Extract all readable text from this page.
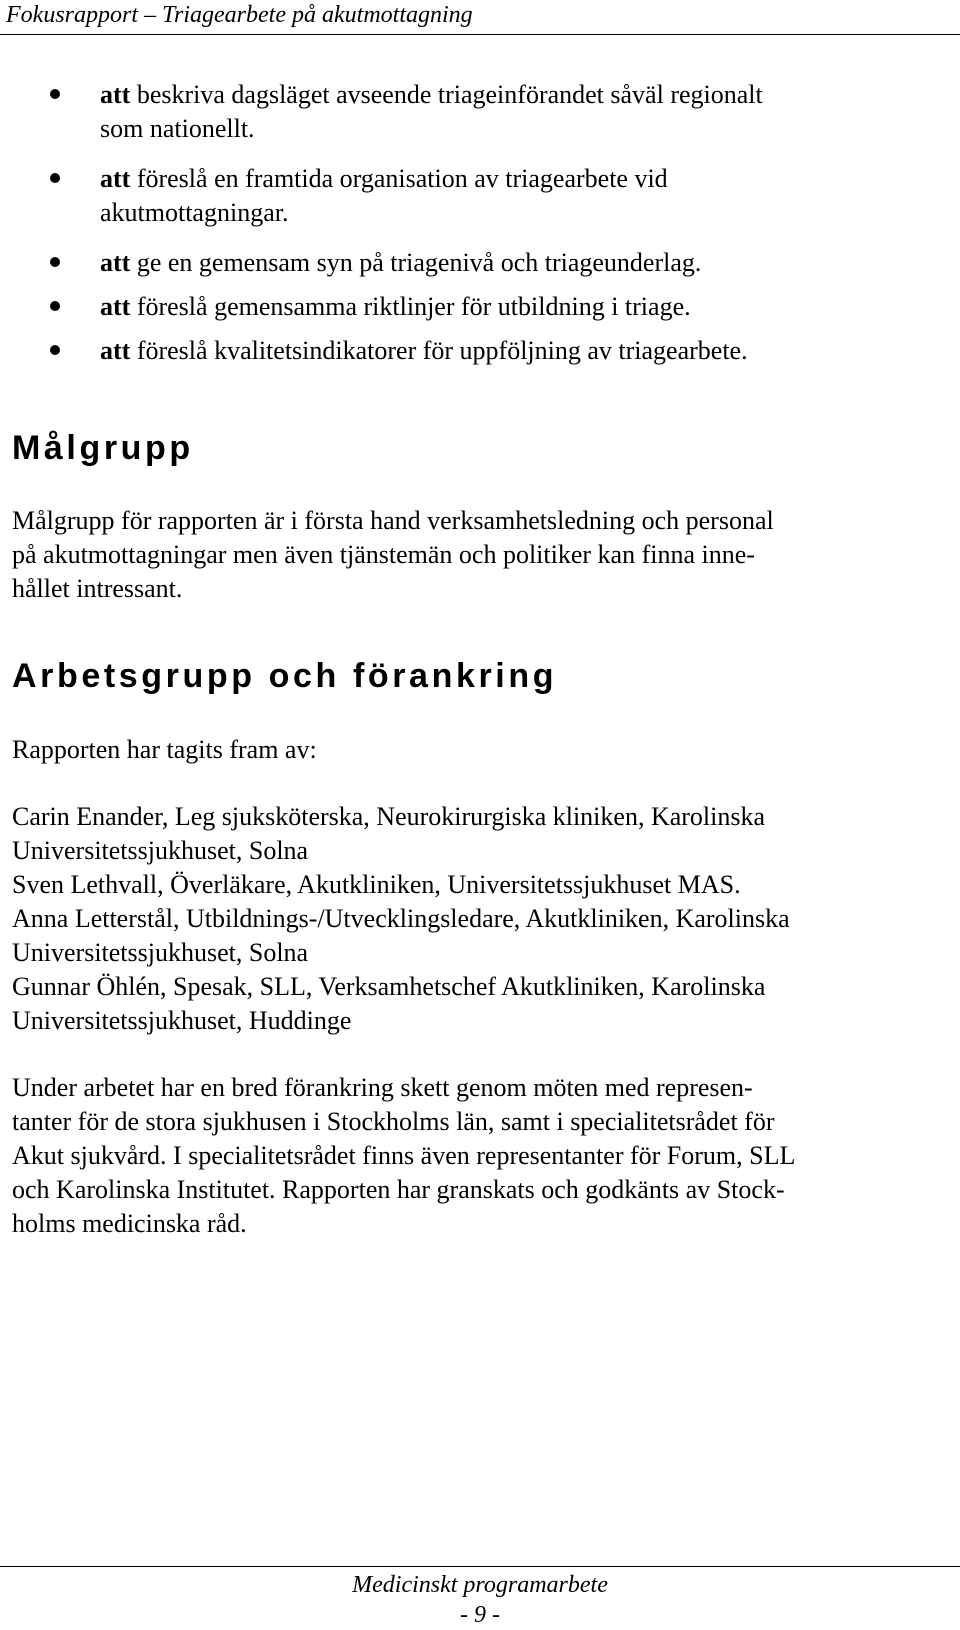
Fokusrapport – Triagearbete på akutmottagning
att beskriva dagsläget avseende triageinförandet såväl regionalt
som nationellt.
att föreslå en framtida organisation av triagearbete vid
akutmottagningar.
att ge en gemensam syn på triagenivå och triageunderlag.
att föreslå gemensamma riktlinjer för utbildning i triage.
att föreslå kvalitetsindikatorer för uppföljning av triagearbete.
Målgrupp

Målgrupp för rapporten är i första hand verksamhetsledning och personal
på akutmottagningar men även tjänstemän och politiker kan finna inne-
hållet intressant.

Arbetsgrupp och förankring

Rapporten har tagits fram av:

Carin Enander, Leg sjuksköterska, Neurokirurgiska kliniken, Karolinska
Universitetssjukhuset, Solna
Sven Lethvall, Överläkare, Akutkliniken, Universitetssjukhuset MAS.
Anna Letterstål, Utbildnings-/Utvecklingsledare, Akutkliniken, Karolinska
Universitetssjukhuset, Solna
Gunnar Öhlén, Spesak, SLL, Verksamhetschef Akutkliniken, Karolinska
Universitetssjukhuset, Huddinge

Under arbetet har en bred förankring skett genom möten med represen-
tanter för de stora sjukhusen i Stockholms län, samt i specialitetsrådet för
Akut sjukvård. I specialitetsrådet finns även representanter för Forum, SLL
och Karolinska Institutet. Rapporten har granskats och godkänts av Stock-
holms medicinska råd.

Medicinskt programarbete
- 9 -
